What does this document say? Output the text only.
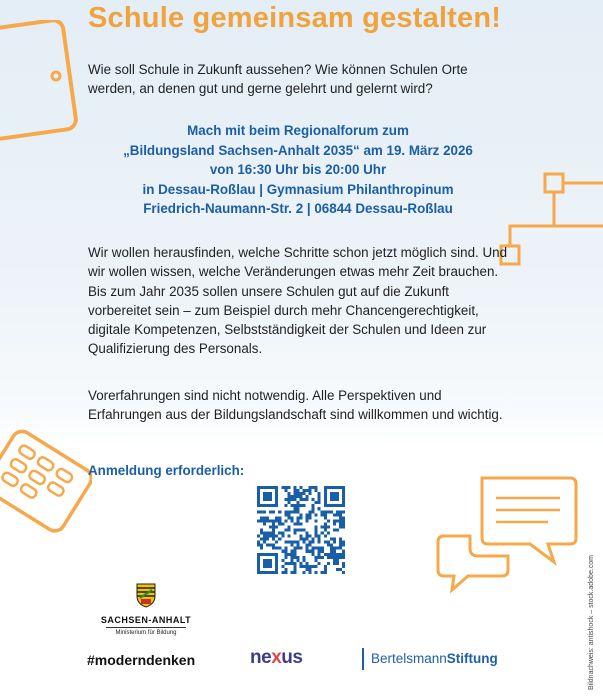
Schule gemeinsam gestalten!

Wie soll Schule in Zukunft aussehen? Wie können Schulen Orte werden, an denen gut und gerne gelehrt und gelernt wird?

Mach mit beim Regionalforum zum
„Bildungsland Sachsen-Anhalt 2035“ am 19. März 2026
von 16:30 Uhr bis 20:00 Uhr
in Dessau-Roßlau | Gymnasium Philanthropinum
Friedrich-Naumann-Str. 2 | 06844 Dessau-Roßlau

Wir wollen herausfinden, welche Schritte schon jetzt möglich sind. Und wir wollen wissen, welche Veränderungen etwas mehr Zeit brauchen. Bis zum Jahr 2035 sollen unsere Schulen gut auf die Zukunft vorbereitet sein – zum Beispiel durch mehr Chancengerechtigkeit, digitale Kompetenzen, Selbstständigkeit der Schulen und Ideen zur Qualifizierung des Personals.

Vorerfahrungen sind nicht notwendig. Alle Perspektiven und Erfahrungen aus der Bildungslandschaft sind willkommen und wichtig.

Anmeldung erforderlich:
SACHSEN-ANHALT
Ministerium für Bildung
#moderndenken	nexus	BertelsmannStiftung	Bildnachweis: antishock – stock.adobe.com
